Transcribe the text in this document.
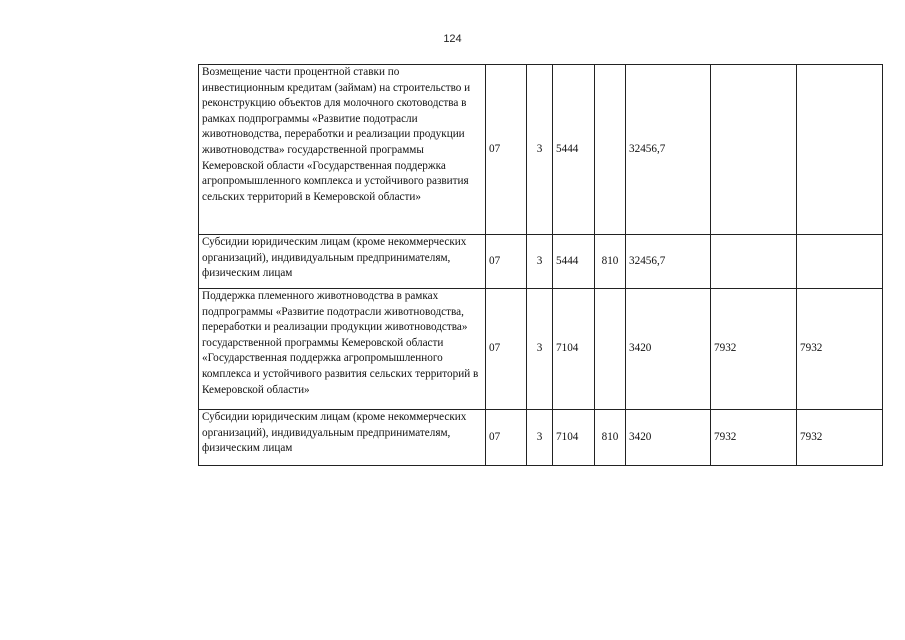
124
Возмещение части процентной ставки по инвестиционным кредитам (займам) на строительство и реконструкцию объектов для молочного скотоводства в рамках подпрограммы «Развитие подотрасли животноводства, переработки и реализации продукции животноводства» государственной программы Кемеровской области «Государственная поддержка агропромышленного комплекса и устойчивого развития сельских территорий в Кемеровской области»	07	3	5444		32456,7		
Субсидии юридическим лицам (кроме некоммерческих организаций), индивидуальным предпринимателям, физическим лицам	07	3	5444	810	32456,7		
Поддержка племенного животноводства в рамках подпрограммы «Развитие подотрасли животноводства, переработки и реализации продукции животноводства» государственной программы Кемеровской области «Государственная поддержка агропромышленного комплекса и устойчивого развития сельских территорий в Кемеровской области»	07	3	7104		3420	7932	7932
Субсидии юридическим лицам (кроме некоммерческих организаций), индивидуальным предпринимателям, физическим лицам	07	3	7104	810	3420	7932	7932
